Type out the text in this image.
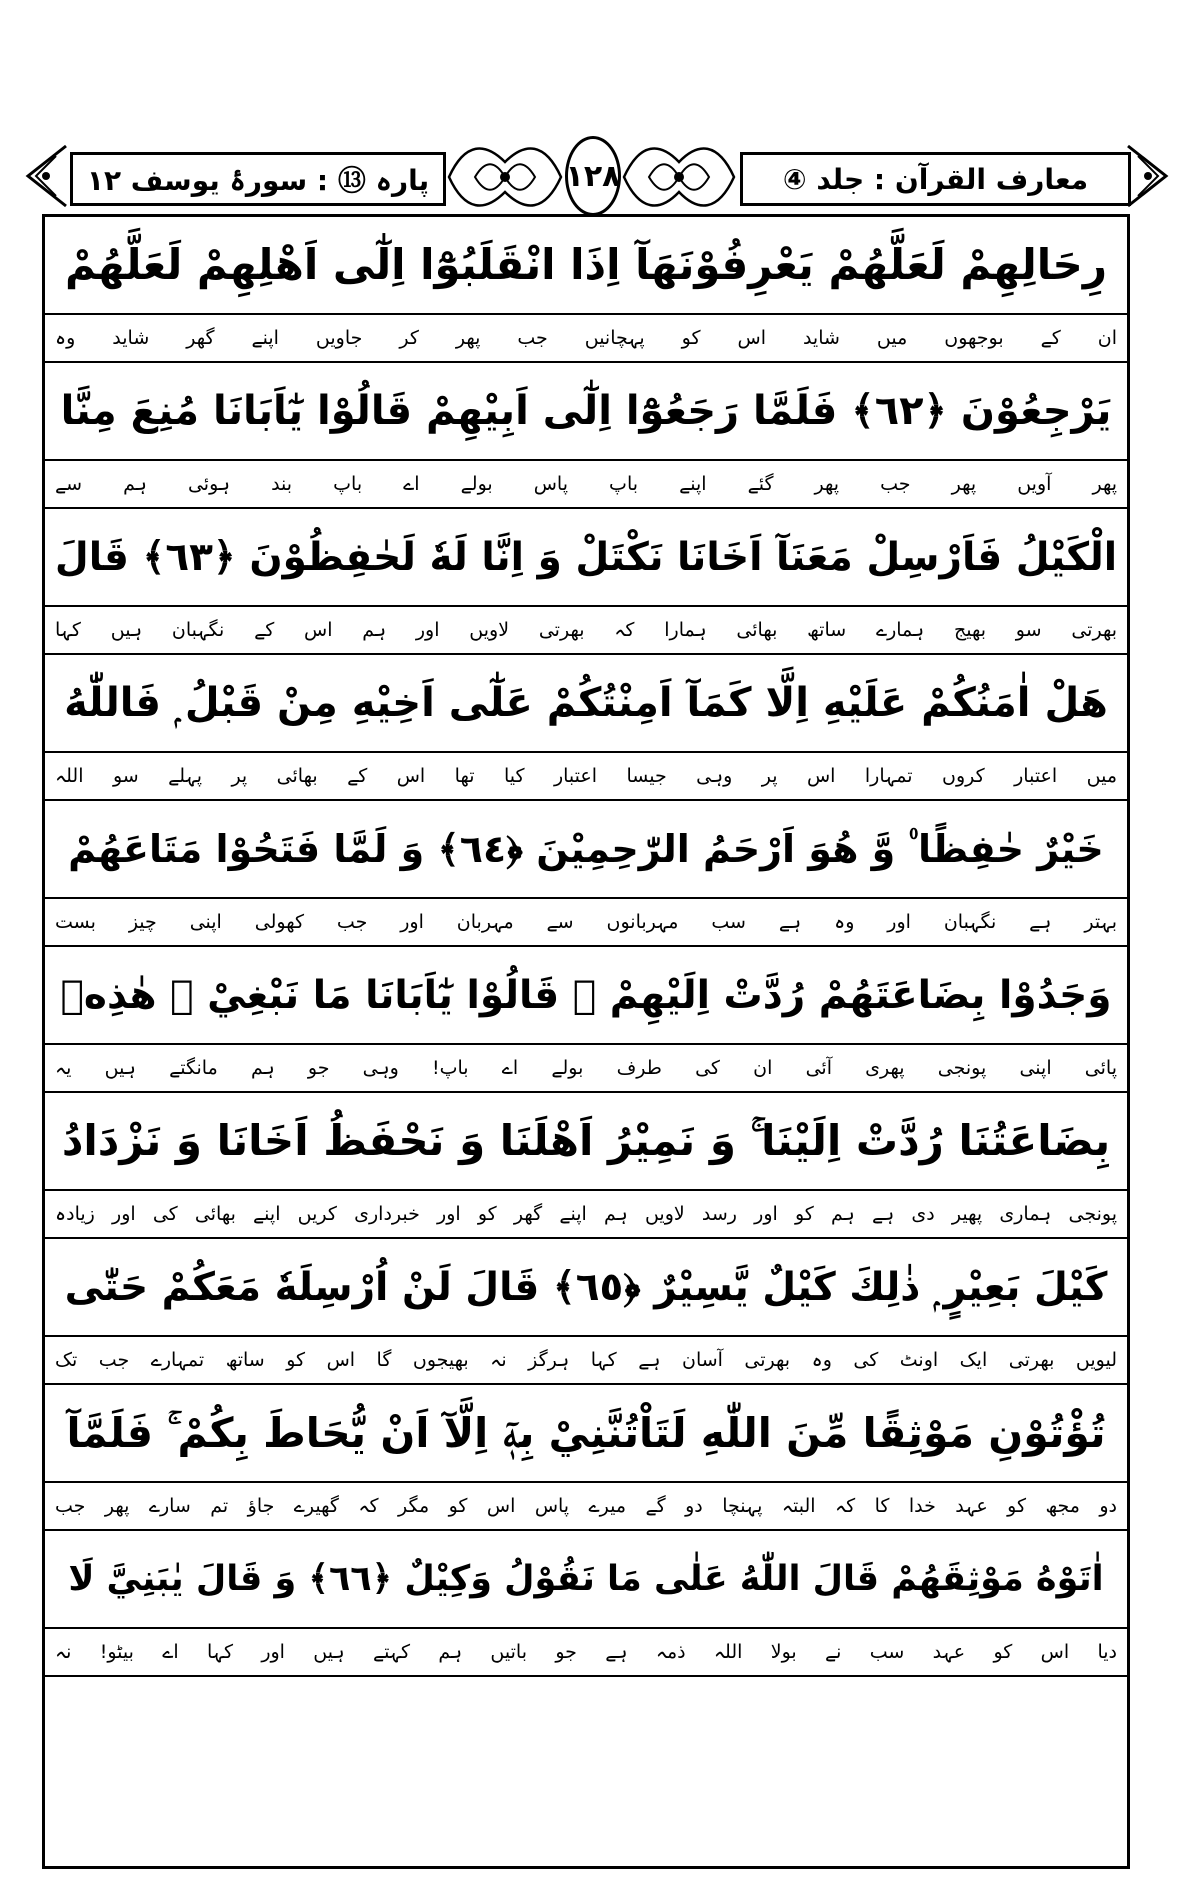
پارہ ⑬ : سورۂ یوسف ۱۲	۱۲۸	معارف القرآن : جلد ④
رِحَالِهِمْ لَعَلَّهُمْ يَعْرِفُوْنَهَآ اِذَا انْقَلَبُوْٓا اِلٰٓى اَهْلِهِمْ لَعَلَّهُمْ
ان کے بوجھوں میں شاید اس کو پہچانیں جب پھر کر جاویں اپنے گھر شاید وہ
يَرْجِعُوْنَ ﴿٦٢﴾ فَلَمَّا رَجَعُوْٓا اِلٰٓى اَبِيْهِمْ قَالُوْا يٰٓاَبَانَا مُنِعَ مِنَّا
پھر آویں پھر جب پھر گئے اپنے باپ پاس بولے اے باپ بند ہوئی ہم سے
الْكَيْلُ فَاَرْسِلْ مَعَنَآ اَخَانَا نَكْتَلْ وَ اِنَّا لَهٗ لَحٰفِظُوْنَ ﴿٦٣﴾ قَالَ
بھرتی سو بھیج ہمارے ساتھ بھائی ہمارا کہ بھرتی لاویں اور ہم اس کے نگہبان ہیں کہا
هَلْ اٰمَنُكُمْ عَلَيْهِ اِلَّا كَمَآ اَمِنْتُكُمْ عَلٰٓى اَخِيْهِ مِنْ قَبْلُ ۭ فَاللّٰهُ
میں اعتبار کروں تمہارا اس پر وہی جیسا اعتبار کیا تھا اس کے بھائی پر پہلے سو اللہ
خَيْرٌ حٰفِظًا ۠ وَّ هُوَ اَرْحَمُ الرّٰحِمِيْنَ ﴿٦٤﴾ وَ لَمَّا فَتَحُوْا مَتَاعَهُمْ
بہتر ہے نگہبان اور وہ ہے سب مہربانوں سے مہربان اور جب کھولی اپنی چیز بست
وَجَدُوْا بِضَاعَتَهُمْ رُدَّتْ اِلَيْهِمْ ۭ قَالُوْا يٰٓاَبَانَا مَا نَبْغِيْ ۭ هٰذِهٖ
پائی اپنی پونجی پھری آئی ان کی طرف بولے اے باپ! وہی جو ہم مانگتے ہیں یہ
بِضَاعَتُنَا رُدَّتْ اِلَيْنَا ۚ وَ نَمِيْرُ اَهْلَنَا وَ نَحْفَظُ اَخَانَا وَ نَزْدَادُ
پونجی ہماری پھیر دی ہے ہم کو اور رسد لاویں ہم اپنے گھر کو اور خبرداری کریں اپنے بھائی کی اور زیادہ
كَيْلَ بَعِيْرٍ ۭ ذٰلِكَ كَيْلٌ يَّسِيْرٌ ﴿٦٥﴾ قَالَ لَنْ اُرْسِلَهٗ مَعَكُمْ حَتّٰى
لیویں بھرتی ایک اونٹ کی وہ بھرتی آسان ہے کہا ہرگز نہ بھیجوں گا اس کو ساتھ تمہارے جب تک
تُؤْتُوْنِ مَوْثِقًا مِّنَ اللّٰهِ لَتَاْتُنَّنِيْ بِهٖٓ اِلَّآ اَنْ يُّحَاطَ بِكُمْ ۚ فَلَمَّآ
دو مجھ کو عہد خدا کا کہ البتہ پہنچا دو گے میرے پاس اس کو مگر کہ گھیرے جاؤ تم سارے پھر جب
اٰتَوْهُ مَوْثِقَهُمْ قَالَ اللّٰهُ عَلٰى مَا نَقُوْلُ وَكِيْلٌ ﴿٦٦﴾ وَ قَالَ يٰبَنِيَّ لَا
دیا اس کو عہد سب نے بولا اللہ ذمہ ہے جو باتیں ہم کہتے ہیں اور کہا اے بیٹو! نہ
